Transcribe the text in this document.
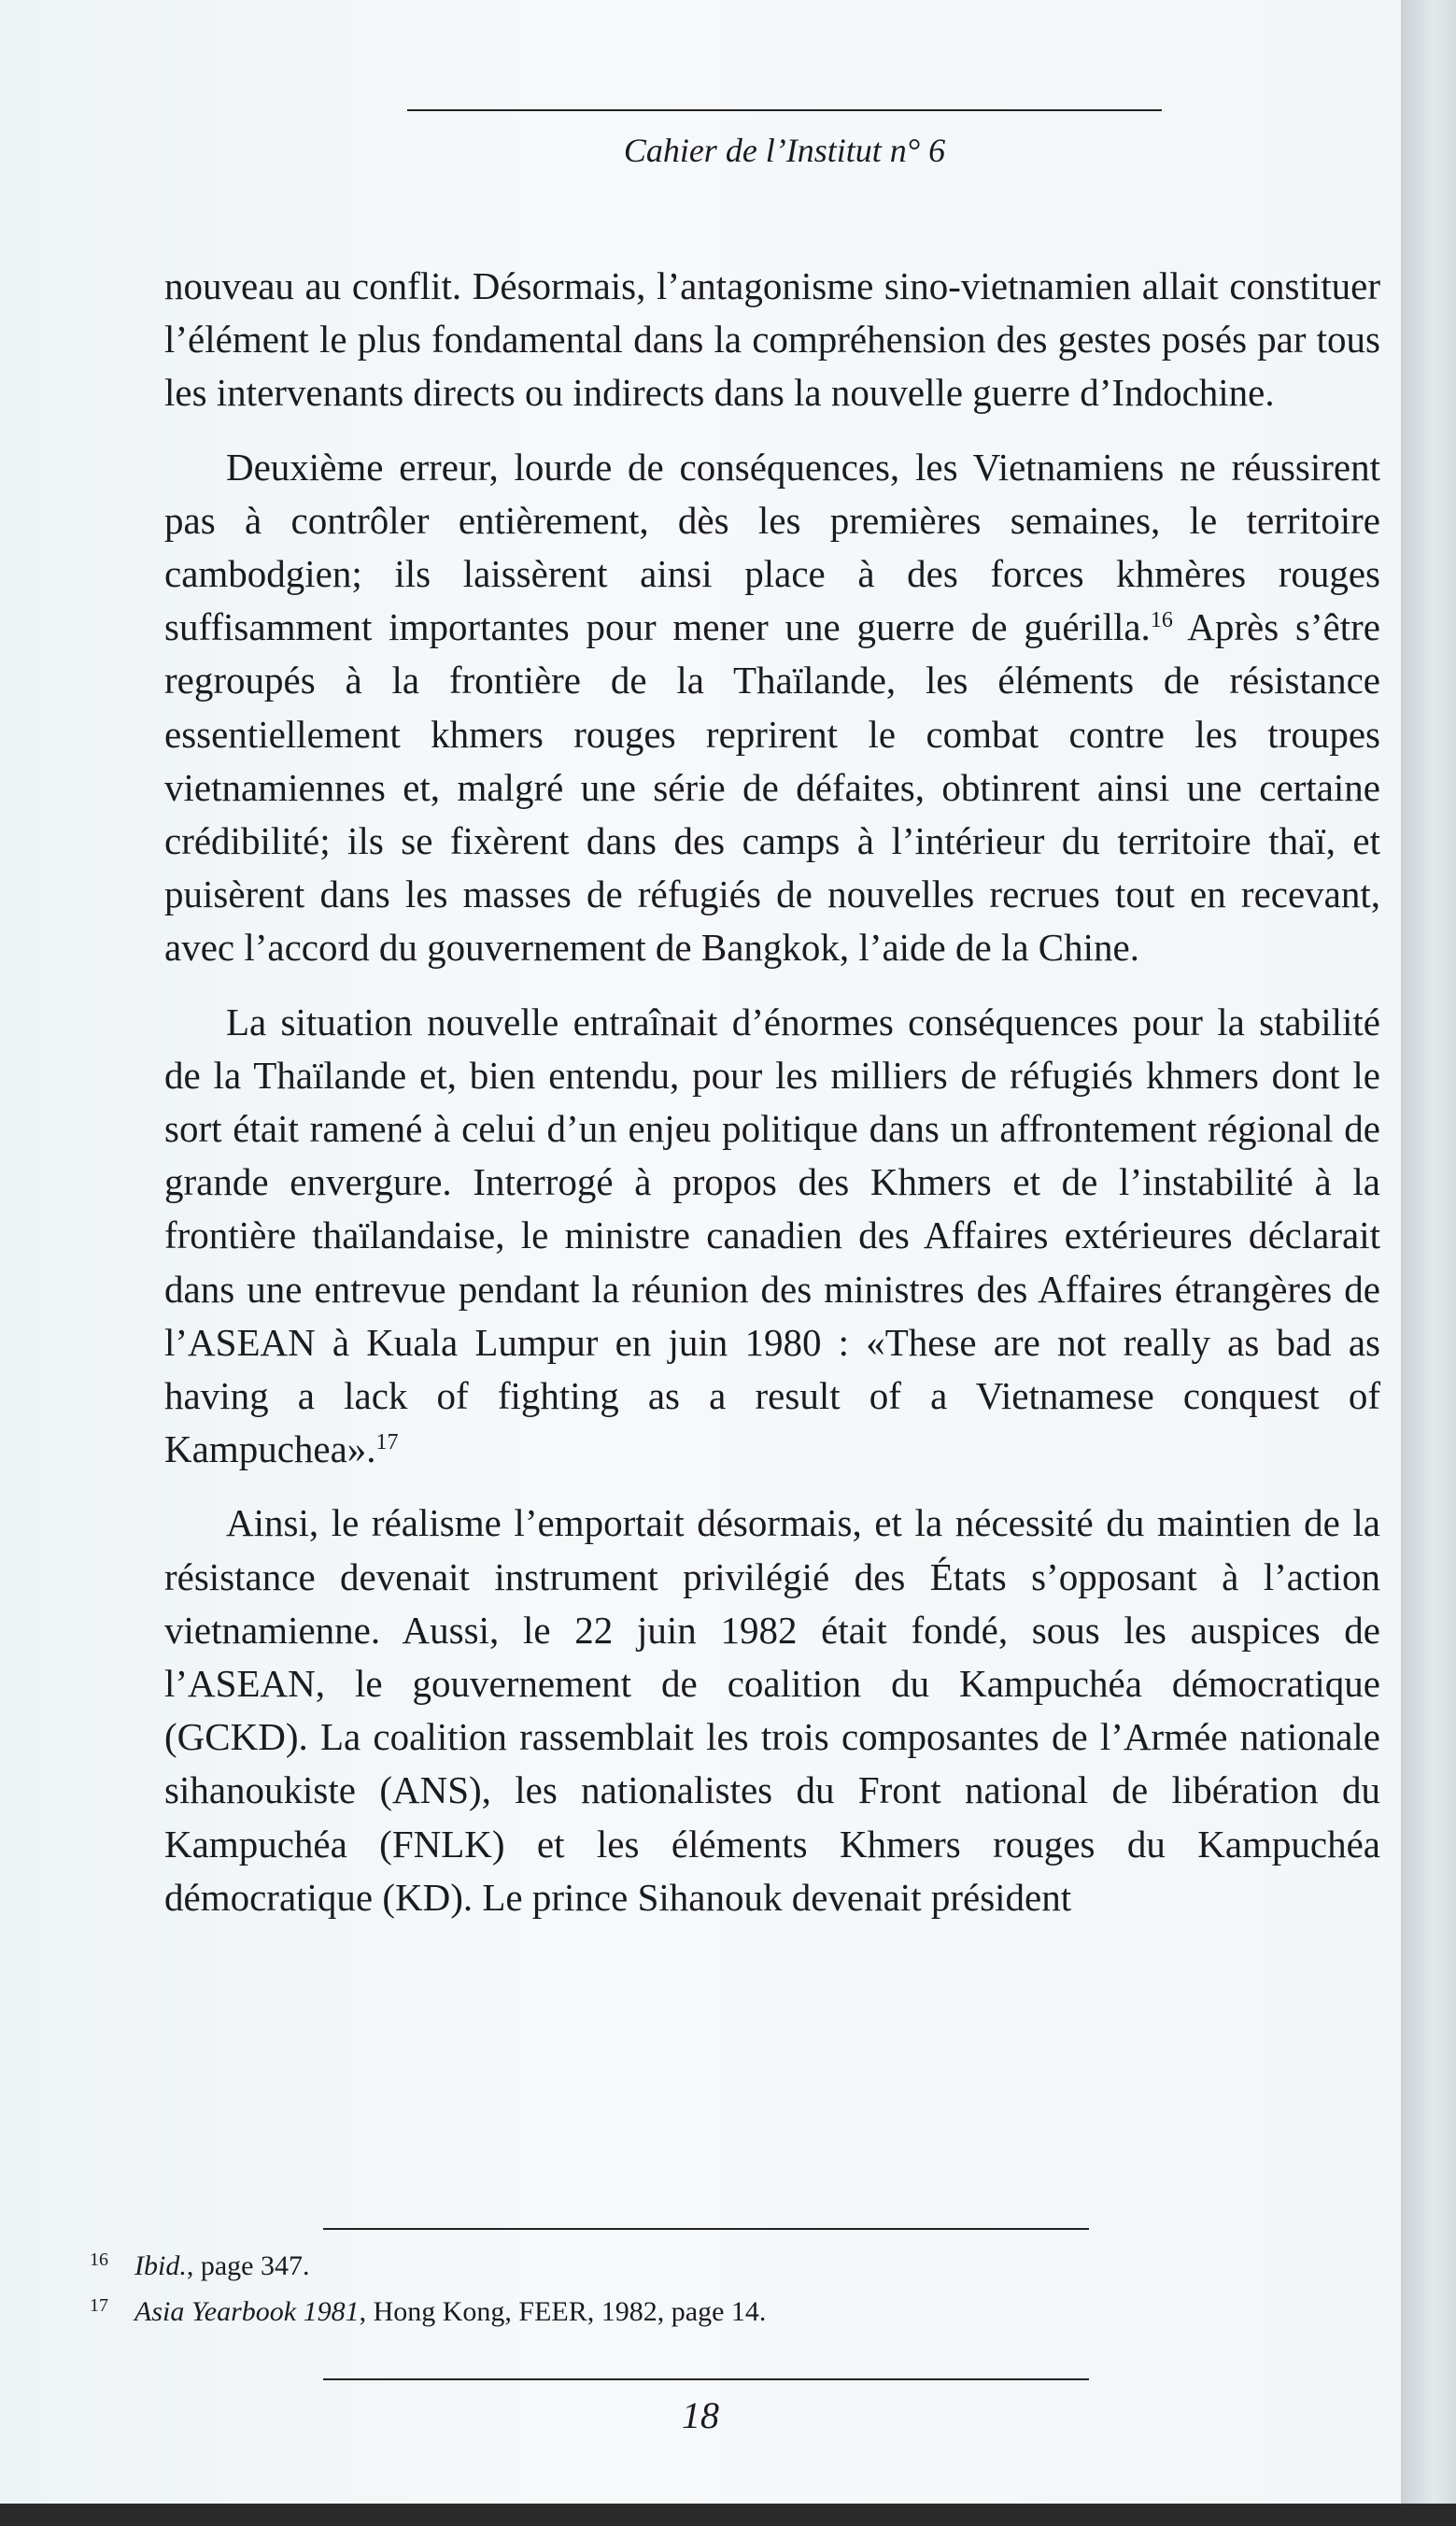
Cahier de l’Institut n° 6

nouveau au conflit. Désormais, l’antagonisme sino-vietnamien allait constituer l’élément le plus fondamental dans la compréhension des gestes posés par tous les intervenants directs ou indirects dans la nouvelle guerre d’Indochine.

Deuxième erreur, lourde de conséquences, les Vietnamiens ne réussirent pas à contrôler entièrement, dès les premières semaines, le territoire cambodgien; ils laissèrent ainsi place à des forces khmères rouges suffisamment importantes pour mener une guerre de guérilla.$^{16}$ Après s’être regroupés à la frontière de la Thaïlande, les éléments de résistance essentiellement khmers rouges reprirent le combat contre les troupes vietnamiennes et, malgré une série de défaites, obtinrent ainsi une certaine crédibilité; ils se fixèrent dans des camps à l’intérieur du territoire thaï, et puisèrent dans les masses de réfugiés de nouvelles recrues tout en recevant, avec l’accord du gouvernement de Bangkok, l’aide de la Chine.

La situation nouvelle entraînait d’énormes conséquences pour la stabilité de la Thaïlande et, bien entendu, pour les milliers de réfugiés khmers dont le sort était ramené à celui d’un enjeu politique dans un affrontement régional de grande envergure. Interrogé à propos des Khmers et de l’instabilité à la frontière thaïlandaise, le ministre canadien des Affaires extérieures déclarait dans une entrevue pendant la réunion des ministres des Affaires étrangères de l’ASEAN à Kuala Lumpur en juin 1980 : «These are not really as bad as having a lack of fighting as a result of a Vietnamese conquest of Kampuchea».$^{17}$

Ainsi, le réalisme l’emportait désormais, et la nécessité du maintien de la résistance devenait instrument privilégié des États s’opposant à l’action vietnamienne. Aussi, le 22 juin 1982 était fondé, sous les auspices de l’ASEAN, le gouvernement de coalition du Kampuchéa démocratique (GCKD). La coalition rassemblait les trois composantes de l’Armée nationale sihanoukiste (ANS), les nationalistes du Front national de libération du Kampuchéa (FNLK) et les éléments Khmers rouges du Kampuchéa démocratique (KD). Le prince Sihanouk devenait président

16 Ibid., page 347.
17 Asia Yearbook 1981, Hong Kong, FEER, 1982, page 14.
18
